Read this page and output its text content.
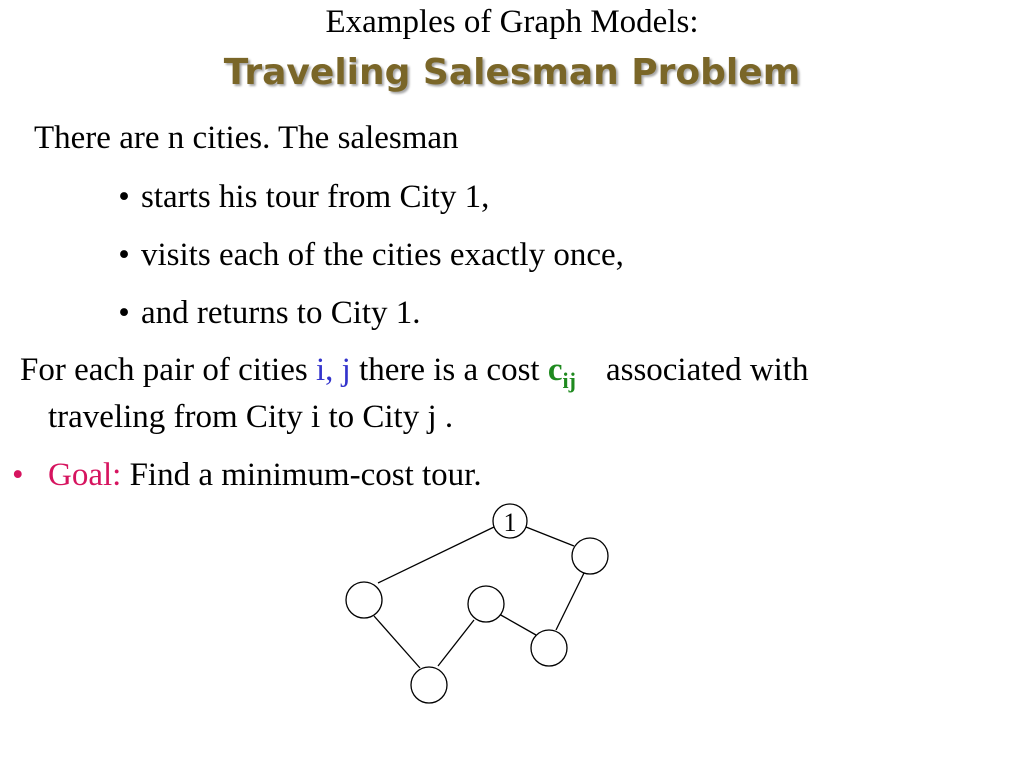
Examples of Graph Models:
Traveling Salesman Problem
There are n cities. The salesman
• starts his tour from City 1,
• visits each of the cities exactly once,
• and returns to City 1.
For each pair of cities i, j there is a cost $c_{ij}$ associated with
traveling from City i to City j .
• Goal: Find a minimum-cost tour.
1
